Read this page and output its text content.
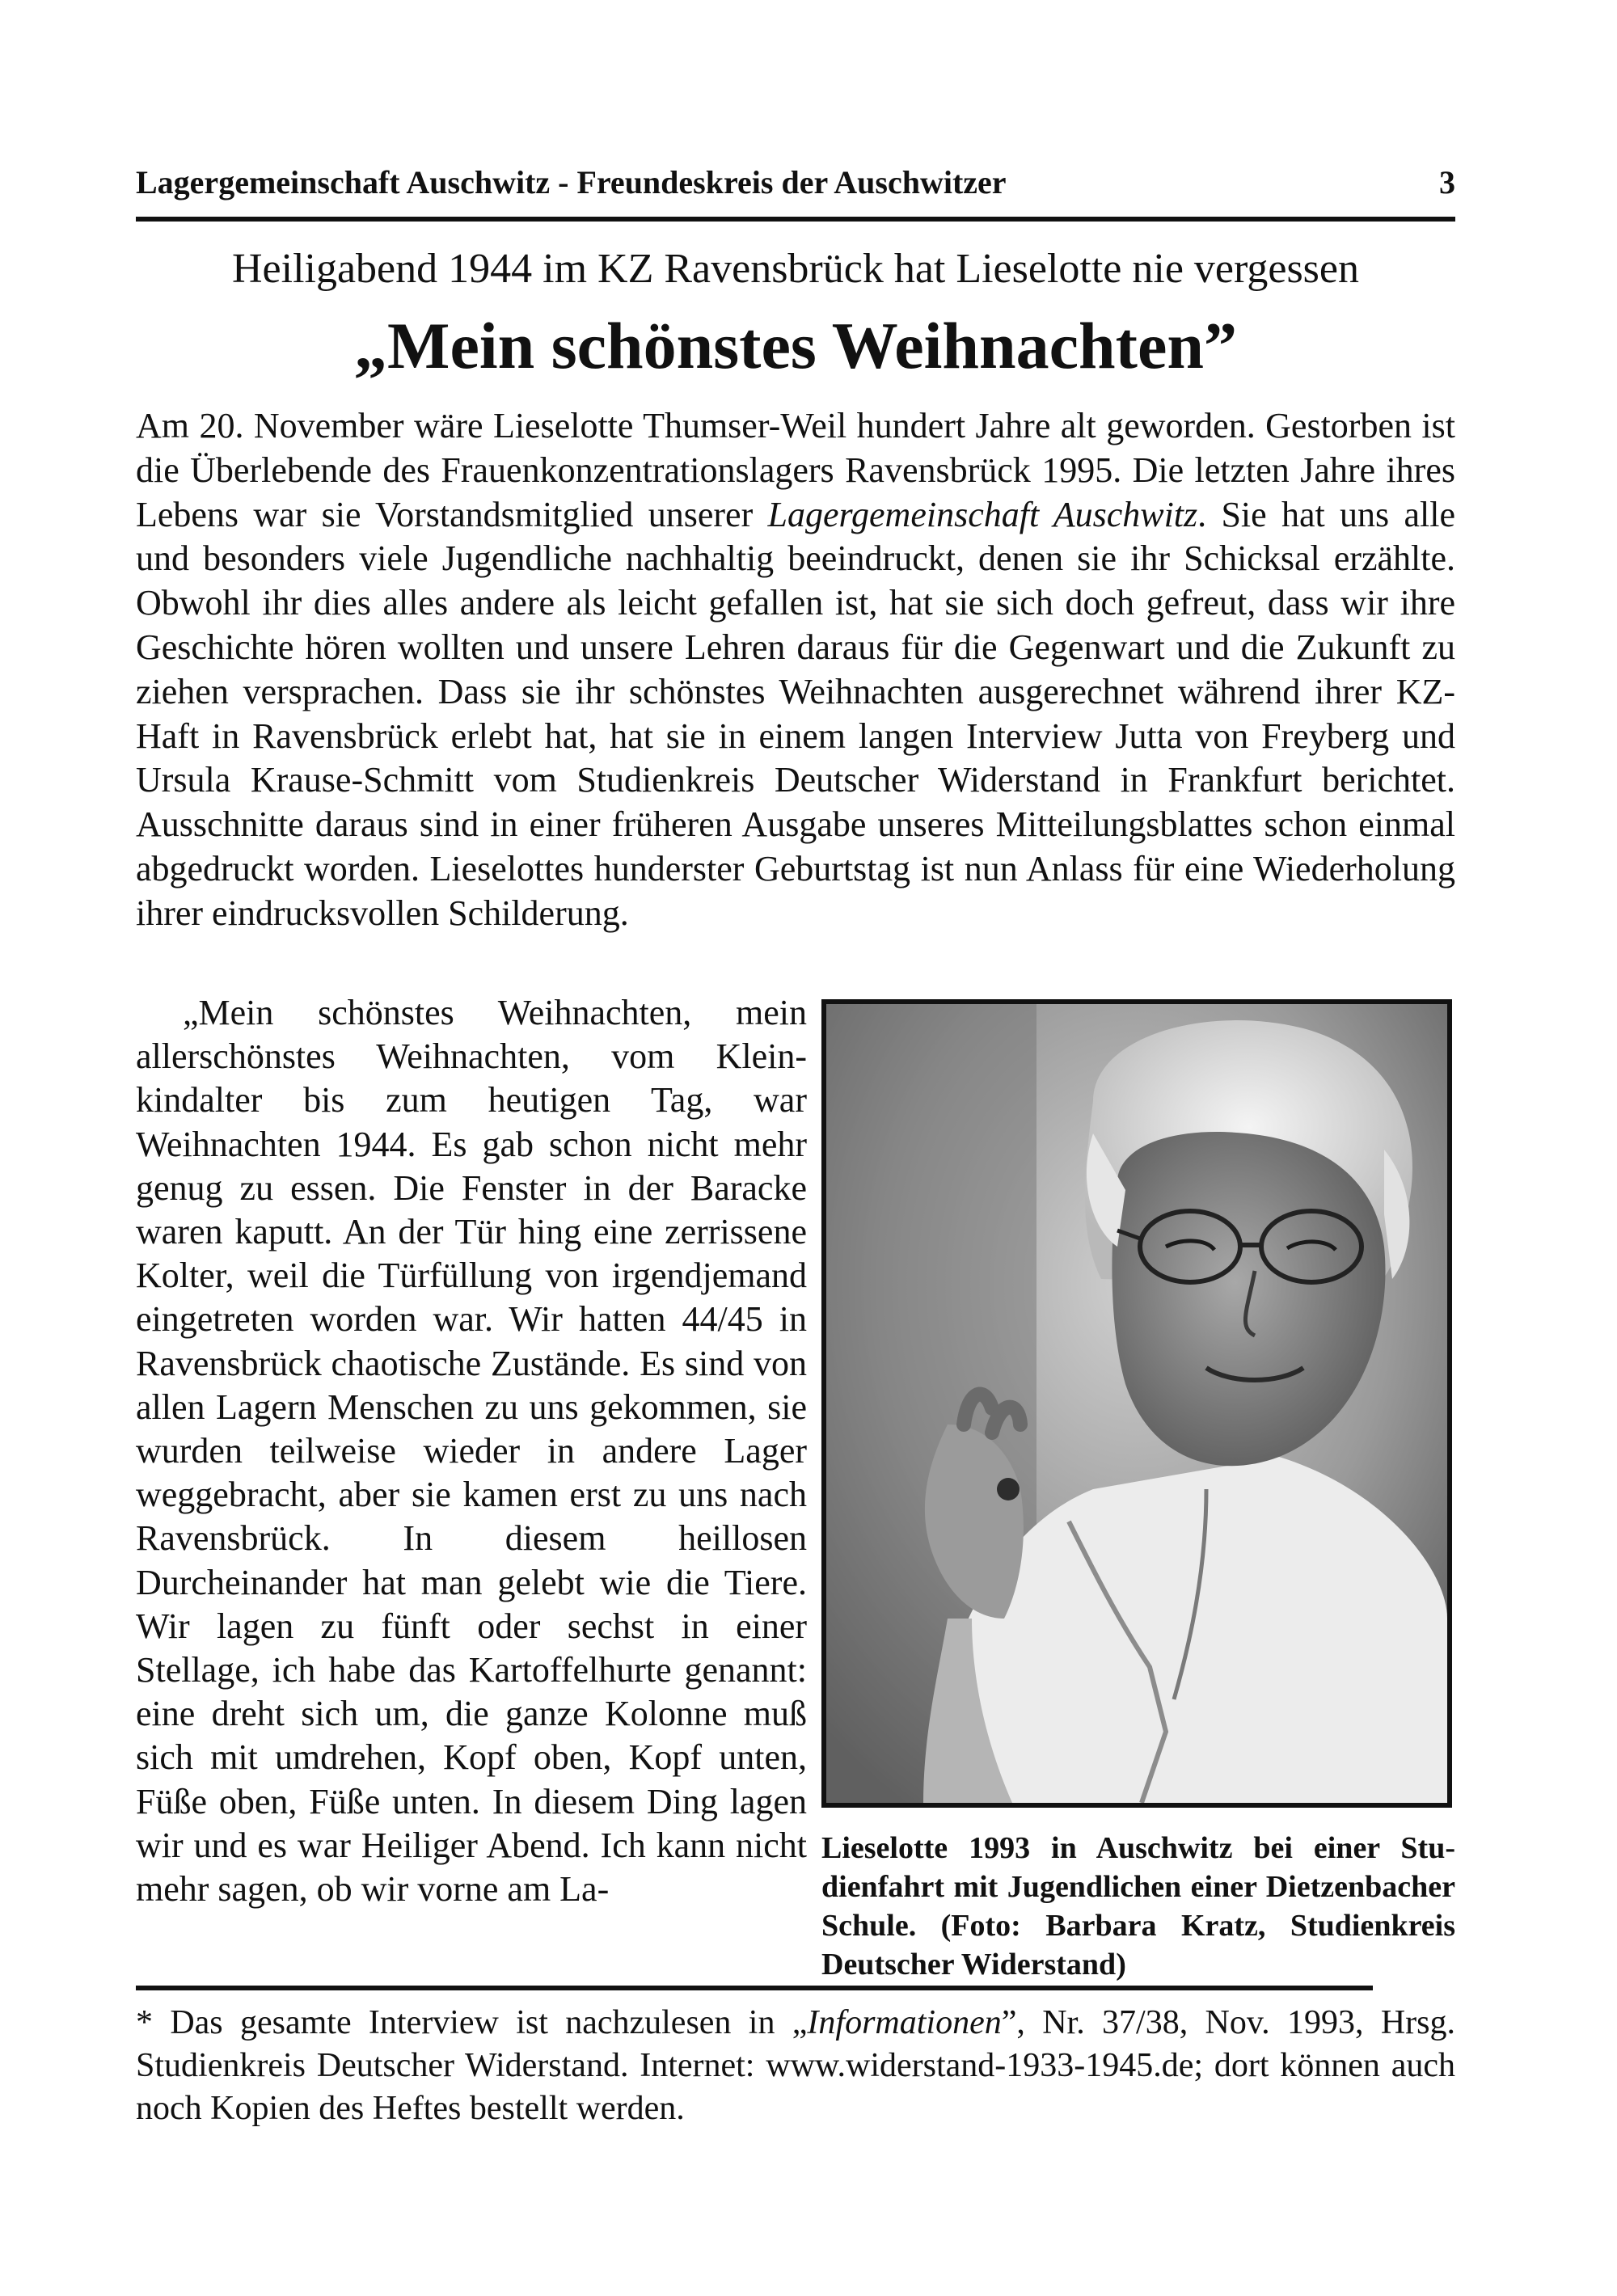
Lagergemeinschaft Auschwitz - Freundeskreis der Auschwitzer	3
Heiligabend 1944 im KZ Ravensbrück hat Lieselotte nie vergessen
„Mein schönstes Weihnachten”
Am 20. November wäre Lieselotte Thumser-Weil hundert Jahre alt geworden. Gestorben ist die Überlebende des Frauenkonzentrationslagers Ravensbrück 1995. Die letzten Jahre ihres Lebens war sie Vorstandsmitglied unserer Lagergemeinschaft Auschwitz. Sie hat uns alle und besonders viele Jugendliche nachhaltig beeindruckt, denen sie ihr Schicksal erzählte. Obwohl ihr dies alles andere als leicht gefallen ist, hat sie sich doch gefreut, dass wir ihre Geschichte hören wollten und unsere Lehren daraus für die Gegenwart und die Zukunft zu ziehen versprachen. Dass sie ihr schönstes Weihnachten ausgerechnet während ihrer KZ-Haft in Ravensbrück erlebt hat, hat sie in einem langen Interview Jutta von Freyberg und Ursula Krause-Schmitt vom Studienkreis Deutscher Widerstand in Frankfurt berichtet. Ausschnitte daraus sind in einer früheren Ausgabe unseres Mitteilungsblattes schon einmal abgedruckt worden. Lieselottes hunderster Geburtstag ist nun Anlass für eine Wiederholung ihrer eindrucksvollen Schilderung.
„Mein schönstes Weihnachten, mein allerschönstes Weihnachten, vom Kleinkindalter bis zum heutigen Tag, war Weihnachten 1944. Es gab schon nicht mehr genug zu essen. Die Fenster in der Baracke waren kaputt. An der Tür hing eine zerrissene Kolter, weil die Türfüllung von irgendjemand eingetreten worden war. Wir hatten 44/45 in Ravensbrück chaotische Zustände. Es sind von allen Lagern Menschen zu uns gekommen, sie wurden teilweise wieder in andere Lager weggebracht, aber sie kamen erst zu uns nach Ravensbrück. In diesem heillosen Durcheinander hat man gelebt wie die Tiere. Wir lagen zu fünft oder sechst in einer Stellage, ich habe das Kartoffelhurte genannt: eine dreht sich um, die ganze Kolonne muß sich mit umdrehen, Kopf oben, Kopf unten, Füße oben, Füße unten. In diesem Ding lagen wir und es war Heiliger Abend. Ich kann nicht mehr sagen, ob wir vorne am La-
Lieselotte 1993 in Auschwitz bei einer Studienfahrt mit Jugendlichen einer Dietzenbacher Schule. (Foto: Barbara Kratz, Studienkreis Deutscher Widerstand)
* Das gesamte Interview ist nachzulesen in „Informationen”, Nr. 37/38, Nov. 1993, Hrsg. Studienkreis Deutscher Widerstand. Internet: www.widerstand-1933-1945.de; dort können auch noch Kopien des Heftes bestellt werden.
